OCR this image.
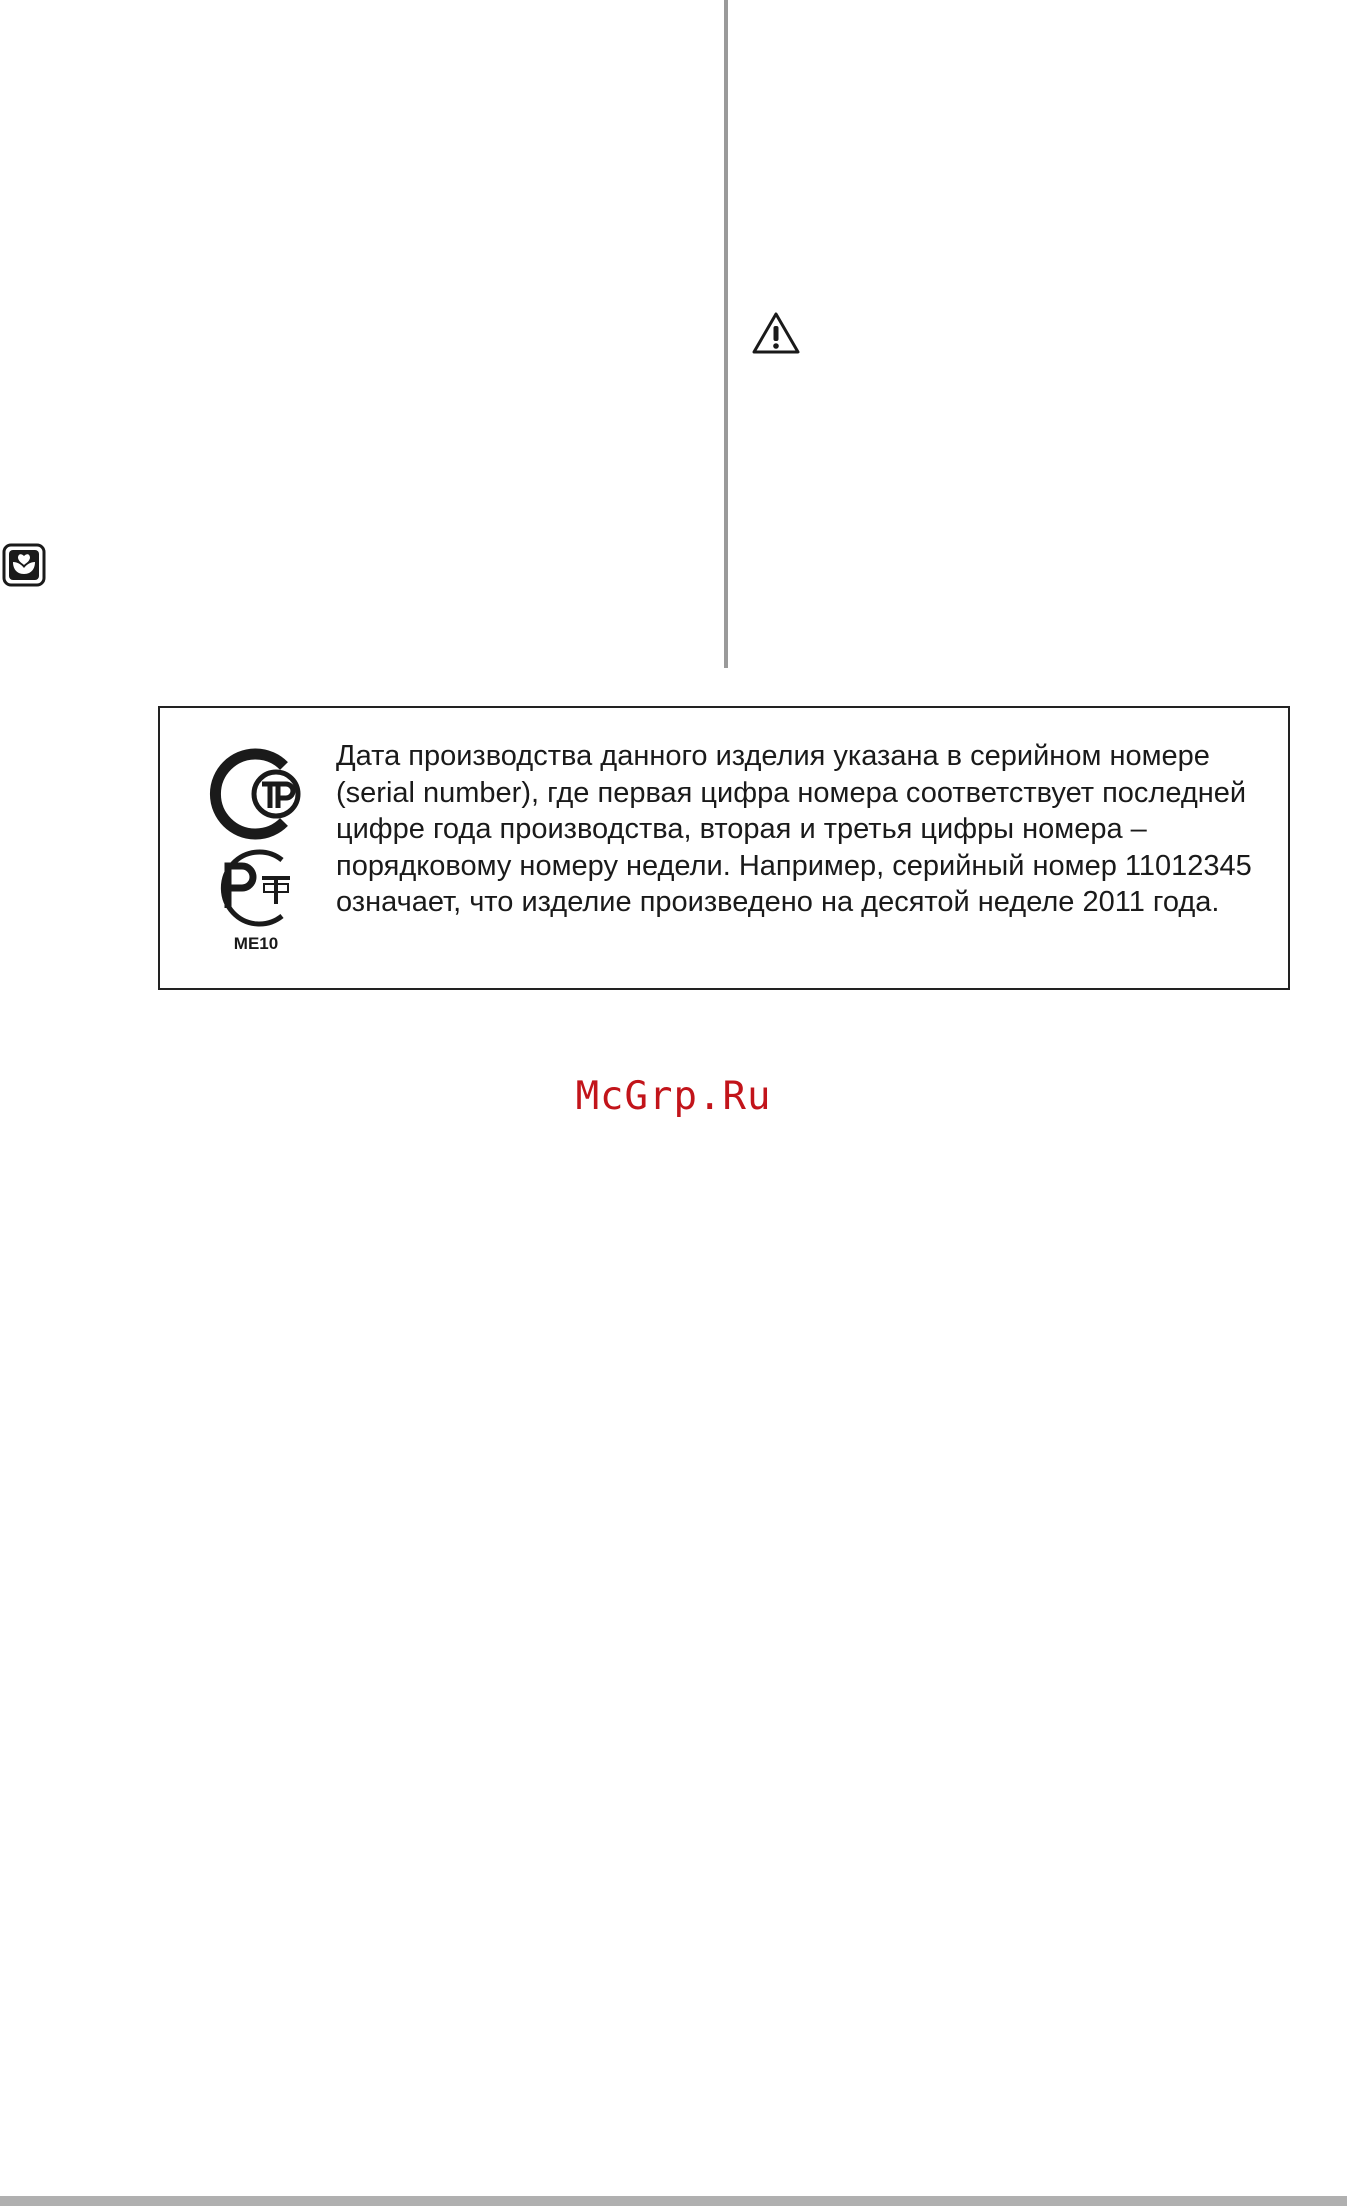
ME10

Дата производства данного изделия указана в серийном номере (serial number), где первая цифра номера соответствует последней цифре года производства, вторая и третья цифры номера – порядковому номеру недели. Например, серийный номер 11012345 означает, что изделие произведено на десятой неделе 2011 года.

McGrp.Ru
